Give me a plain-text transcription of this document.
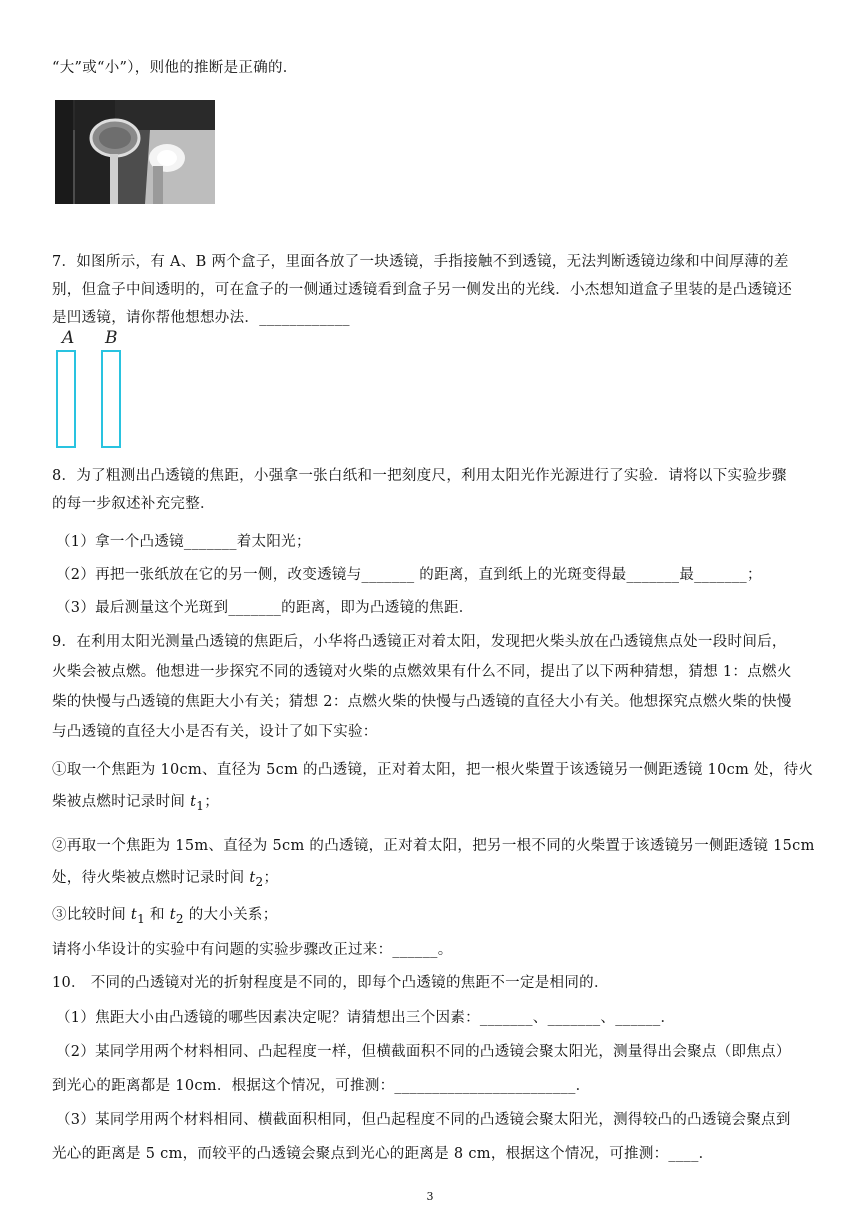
“大”或“小”），则他的推断是正确的．
7．如图所示，有 A、B 两个盒子，里面各放了一块透镜，手指接触不到透镜，无法判断透镜边缘和中间厚薄的差
别，但盒子中间透明的，可在盒子的一侧通过透镜看到盒子另一侧发出的光线．小杰想知道盒子里装的是凸透镜还
是凹透镜，请你帮他想想办法．____________
A B
8．为了粗测出凸透镜的焦距，小强拿一张白纸和一把刻度尺，利用太阳光作光源进行了实验．请将以下实验步骤
的每一步叙述补充完整．
（1）拿一个凸透镜_______着太阳光；
（2）再把一张纸放在它的另一侧，改变透镜与_______ 的距离，直到纸上的光斑变得最_______最_______；
（3）最后测量这个光斑到_______的距离，即为凸透镜的焦距．
9．在利用太阳光测量凸透镜的焦距后，小华将凸透镜正对着太阳，发现把火柴头放在凸透镜焦点处一段时间后，
火柴会被点燃。他想进一步探究不同的透镜对火柴的点燃效果有什么不同，提出了以下两种猜想，猜想 1：点燃火
柴的快慢与凸透镜的焦距大小有关；猜想 2：点燃火柴的快慢与凸透镜的直径大小有关。他想探究点燃火柴的快慢
与凸透镜的直径大小是否有关，设计了如下实验：
①取一个焦距为 10cm、直径为 5cm 的凸透镜，正对着太阳，把一根火柴置于该透镜另一侧距透镜 10cm 处，待火
柴被点燃时记录时间 $t_1$；
②再取一个焦距为 15m、直径为 5cm 的凸透镜，正对着太阳，把另一根不同的火柴置于该透镜另一侧距透镜 15cm
处，待火柴被点燃时记录时间 $t_2$；
③比较时间 $t_1$ 和 $t_2$ 的大小关系；
请将小华设计的实验中有问题的实验步骤改正过来：______。
10． 不同的凸透镜对光的折射程度是不同的，即每个凸透镜的焦距不一定是相同的．
（1）焦距大小由凸透镜的哪些因素决定呢？请猜想出三个因素：_______、_______、______．
（2）某同学用两个材料相同、凸起程度一样，但横截面积不同的凸透镜会聚太阳光，测量得出会聚点（即焦点）
到光心的距离都是 10cm．根据这个情况，可推测：________________________．
（3）某同学用两个材料相同、横截面积相同，但凸起程度不同的凸透镜会聚太阳光，测得较凸的凸透镜会聚点到
光心的距离是 5 cm，而较平的凸透镜会聚点到光心的距离是 8 cm，根据这个情况，可推测：____．
3
